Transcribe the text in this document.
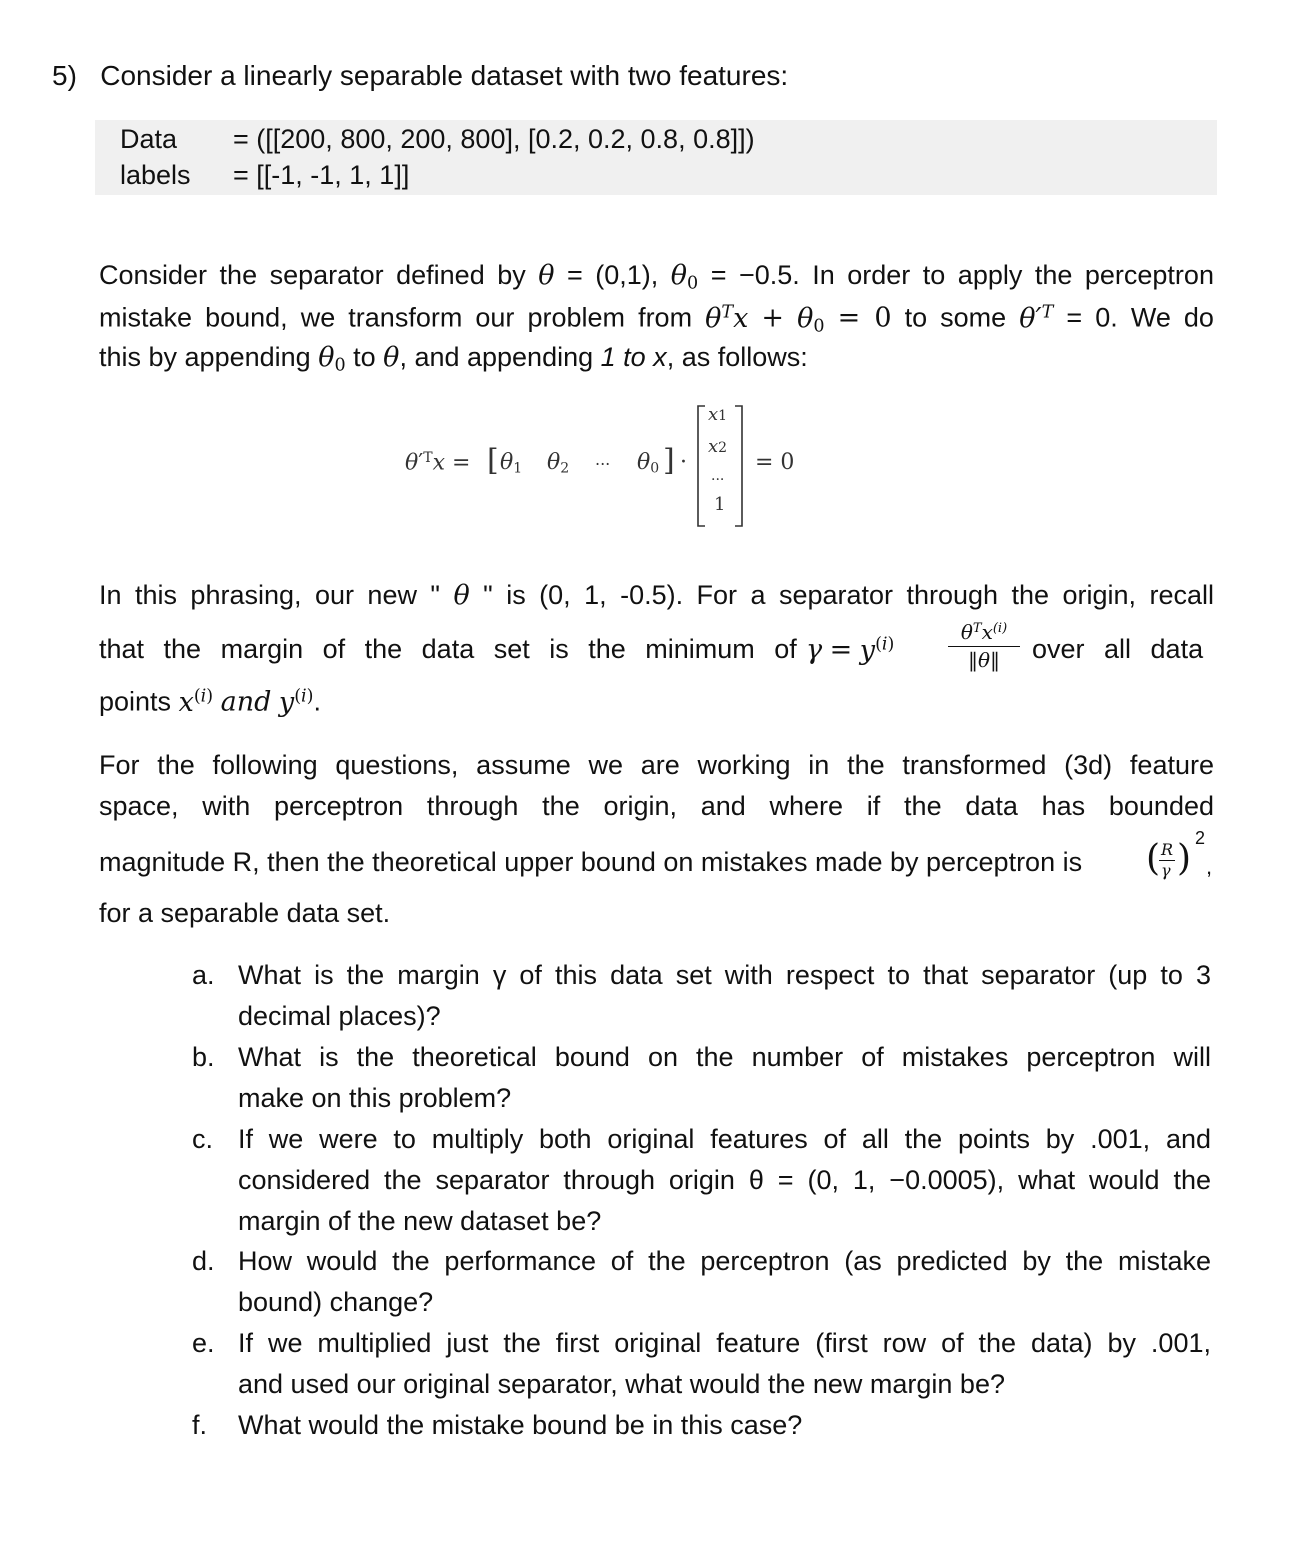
5) Consider a linearly separable dataset with two features:
Data = ([[200, 800, 200, 800], [0.2, 0.2, 0.8, 0.8]])
labels = [[-1, -1, 1, 1]]
Consider the separator defined by θ = (0,1), $\theta_0 = -0.5$. In order to apply the perceptron
mistake bound, we transform our problem from $\theta^Tx + \theta_0 = 0$ to some $\theta'^T = 0$. We do
this by appending $\theta_0$ to θ, and appending 1 to x, as follows:
$\theta'^Tx$ = [ $\theta_1$ $\theta_2$ ... $\theta_0$ ] ·
x1
x2
...
1
= 0
In this phrasing, our new " θ " is (0, 1, -0.5). For a separator through the origin, recall
that the margin of the data set is the minimum of $\gamma = y^{(i)}$	$\theta^Tx^{(i)}$
‖θ‖	over all data
points $x^{(i)}$ and $y^{(i)}$.
For the following questions, assume we are working in the transformed (3d) feature
space, with perceptron through the origin, and where if the data has bounded
magnitude R, then the theoretical upper bound on mistakes made by perceptron is	( R
γ ) 2
,
for a separable data set.
a. What is the margin γ of this data set with respect to that separator (up to 3
decimal places)?
b. What is the theoretical bound on the number of mistakes perceptron will
make on this problem?
c. If we were to multiply both original features of all the points by .001, and
considered the separator through origin θ = (0, 1, −0.0005), what would the
margin of the new dataset be?
d. How would the performance of the perceptron (as predicted by the mistake
bound) change?
e. If we multiplied just the first original feature (first row of the data) by .001,
and used our original separator, what would the new margin be?
f.	What would the mistake bound be in this case?
